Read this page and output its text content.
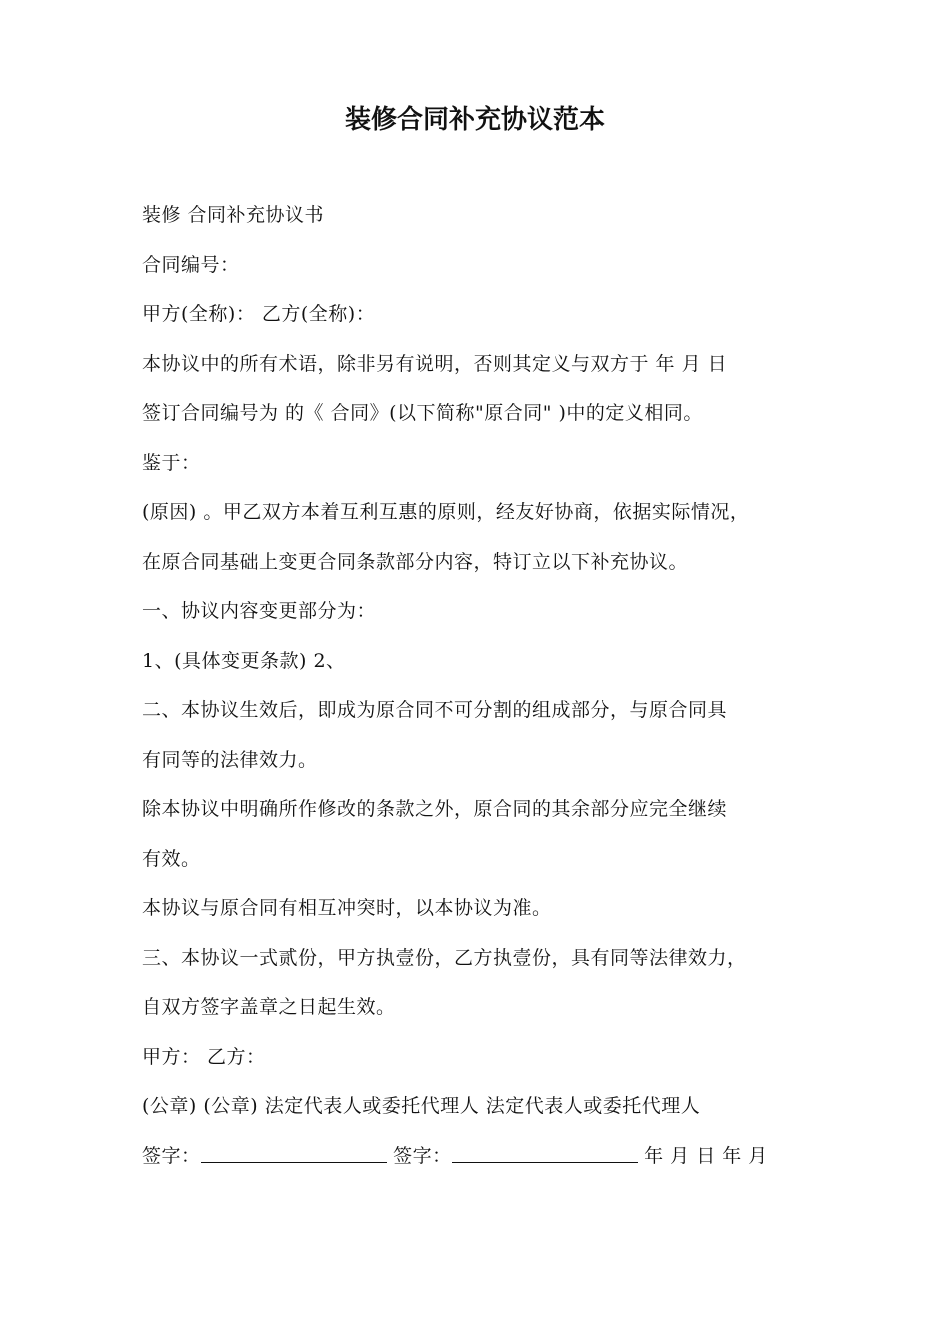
装修合同补充协议范本
装修 合同补充协议书
合同编号：
甲方(全称)： 乙方(全称)：
本协议中的所有术语，除非另有说明，否则其定义与双方于 年 月 日
签订合同编号为 的《 合同》(以下简称"原合同" )中的定义相同。
鉴于：
(原因) 。甲乙双方本着互利互惠的原则，经友好协商，依据实际情况，
在原合同基础上变更合同条款部分内容，特订立以下补充协议。
一、协议内容变更部分为：
1、(具体变更条款) 2、
二、本协议生效后，即成为原合同不可分割的组成部分，与原合同具
有同等的法律效力。
除本协议中明确所作修改的条款之外，原合同的其余部分应完全继续
有效。
本协议与原合同有相互冲突时，以本协议为准。
三、本协议一式贰份，甲方执壹份，乙方执壹份，具有同等法律效力，
自双方签字盖章之日起生效。
甲方： 乙方：
(公章) (公章) 法定代表人或委托代理人 法定代表人或委托代理人
签字：	签字：	年 月 日 年 月
